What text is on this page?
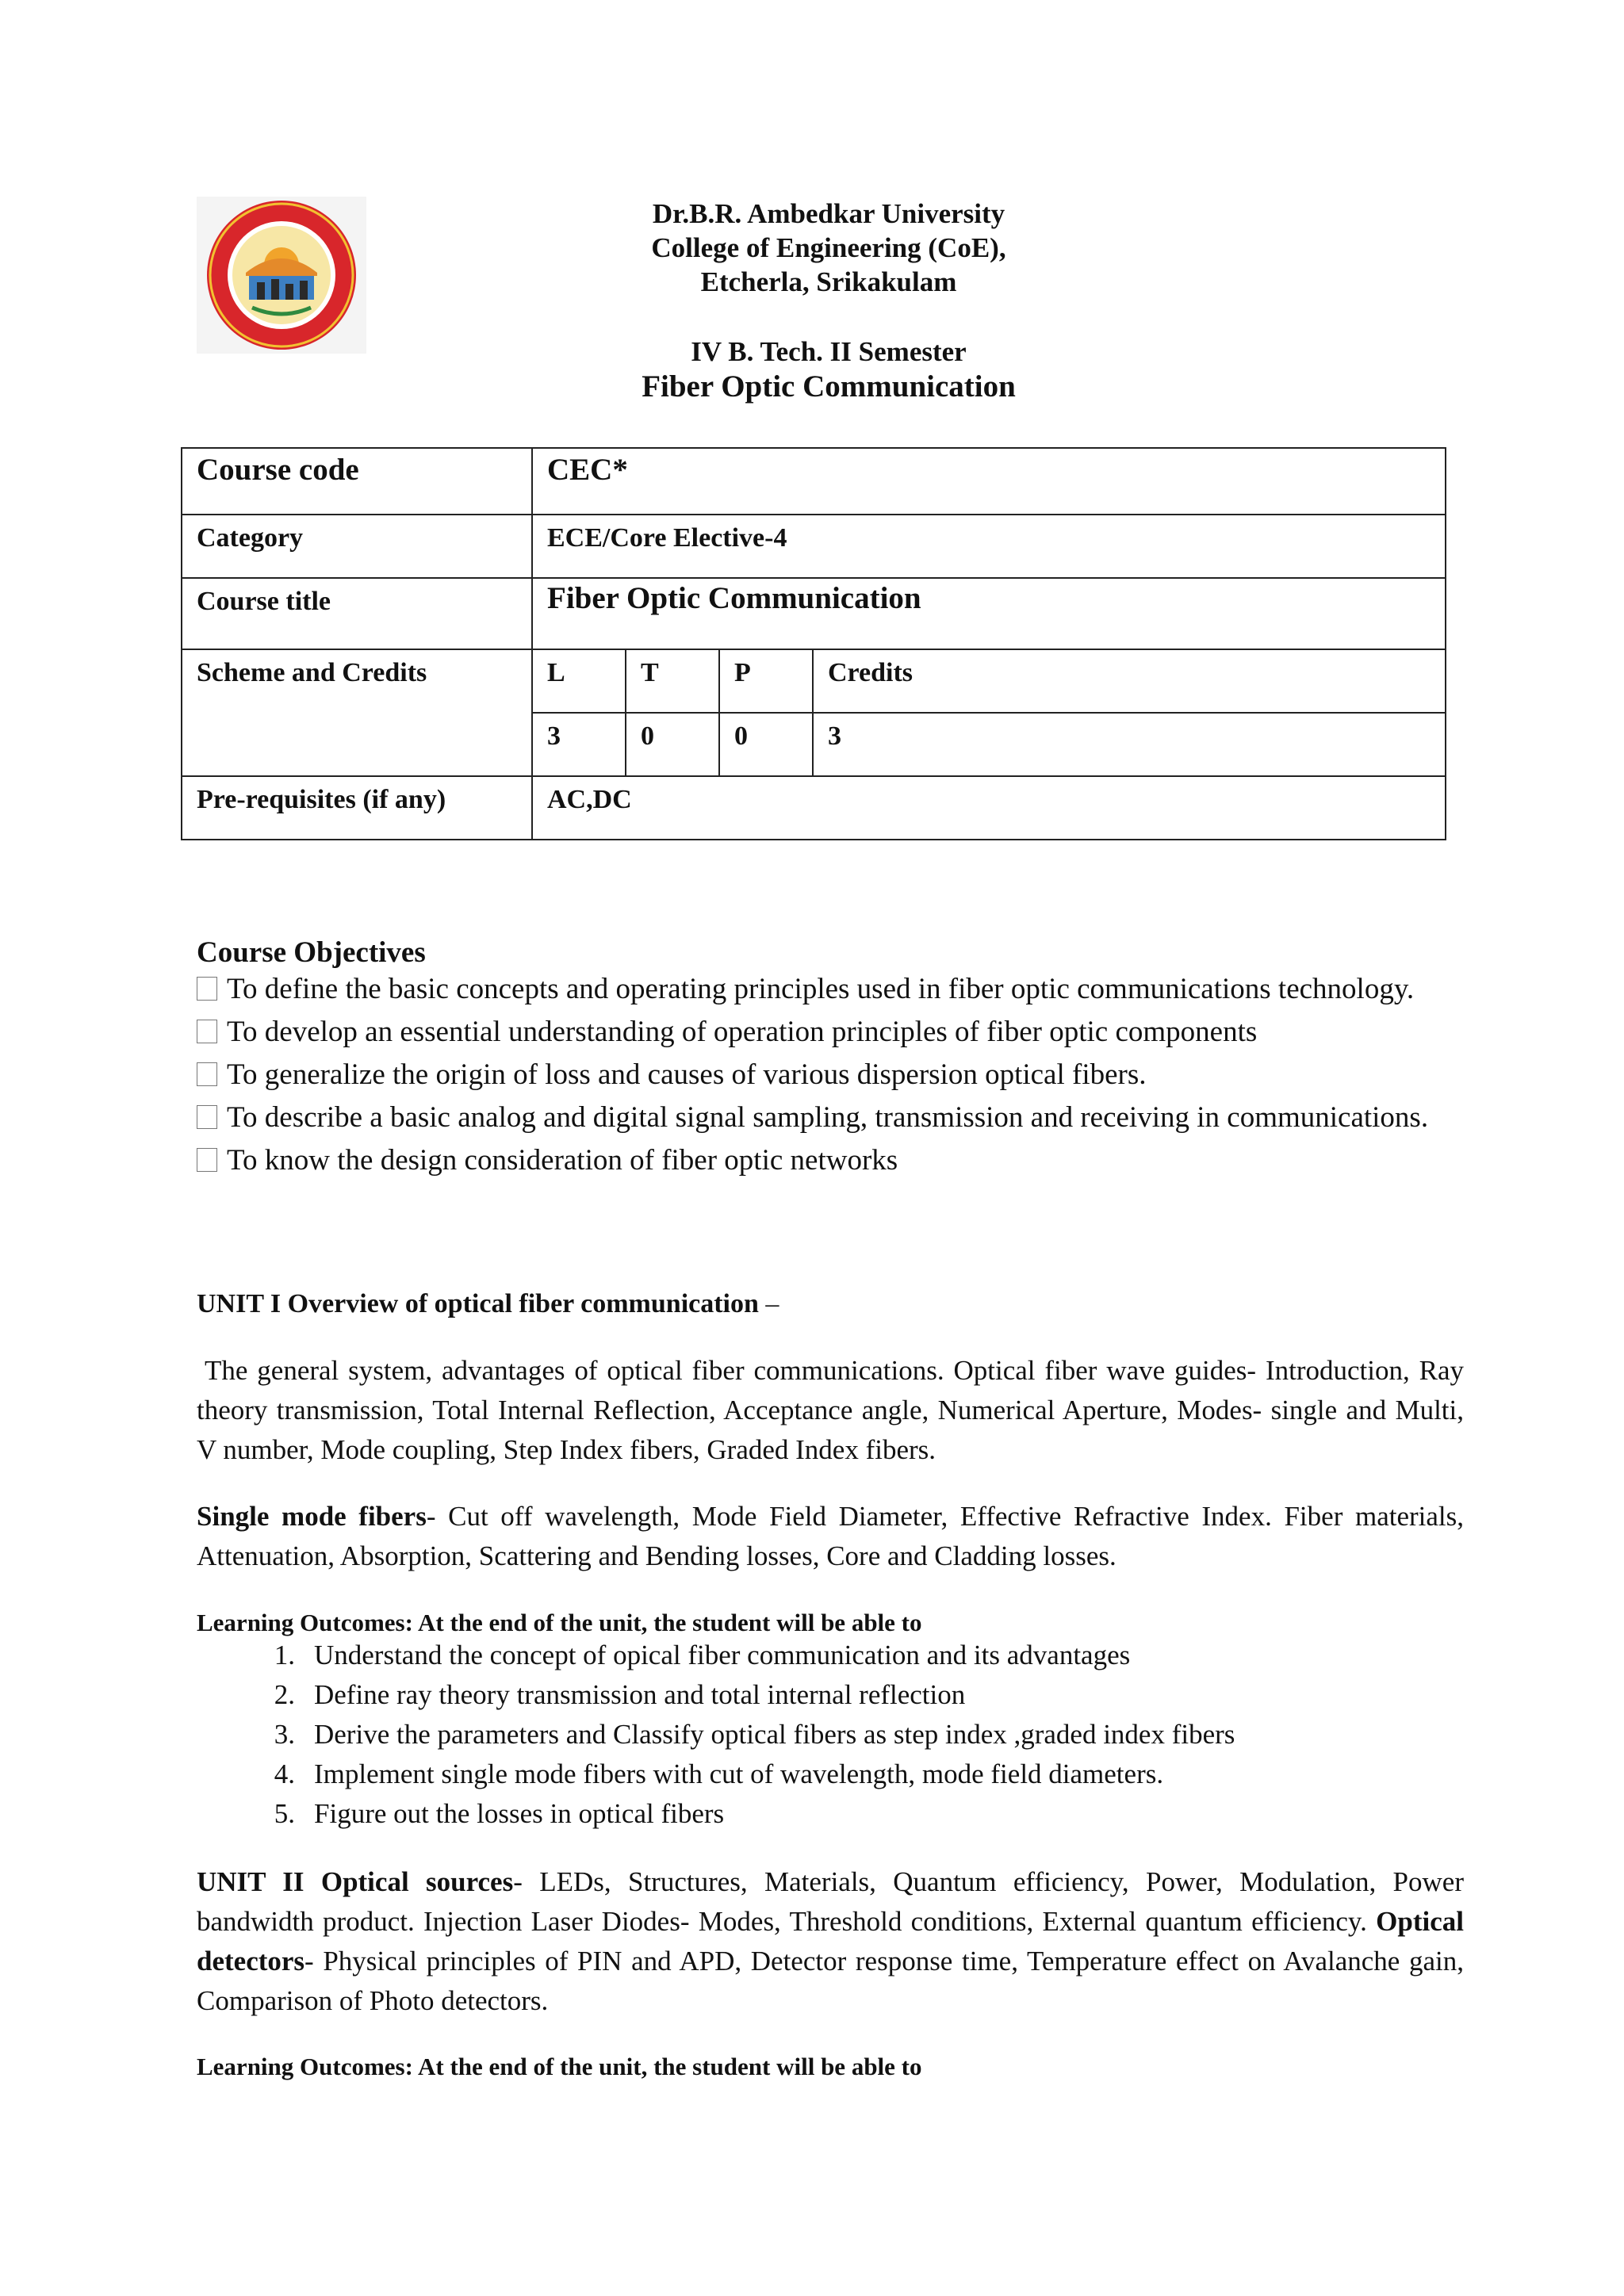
Dr.B.R. Ambedkar University
College of Engineering (CoE),
Etcherla, Srikakulam
IV B. Tech. II Semester
Fiber Optic Communication
Course code	CEC*			
Category	ECE/Core Elective-4			
Course title	Fiber Optic Communication			
Scheme and Credits	L	T	P	Credits
	3	0	0	3
Pre-requisites (if any)	AC,DC			
Course Objectives
To define the basic concepts and operating principles used in fiber optic communications technology.
To develop an essential understanding of operation principles of fiber optic components
To generalize the origin of loss and causes of various dispersion optical fibers.
To describe a basic analog and digital signal sampling, transmission and receiving in communications.
To know the design consideration of fiber optic networks
UNIT I Overview of optical fiber communication –
The general system, advantages of optical fiber communications. Optical fiber wave guides- Introduction, Ray theory transmission, Total Internal Reflection, Acceptance angle, Numerical Aperture, Modes- single and Multi, V number, Mode coupling, Step Index fibers, Graded Index fibers.
Single mode fibers- Cut off wavelength, Mode Field Diameter, Effective Refractive Index. Fiber materials, Attenuation, Absorption, Scattering and Bending losses, Core and Cladding losses.
Learning Outcomes: At the end of the unit, the student will be able to
1. Understand the concept of opical fiber communication and its advantages
2. Define ray theory transmission and total internal reflection
3. Derive the parameters and Classify optical fibers as step index ,graded index fibers
4. Implement single mode fibers with cut of wavelength, mode field diameters.
5. Figure out the losses in optical fibers
UNIT II Optical sources- LEDs, Structures, Materials, Quantum efficiency, Power, Modulation, Power bandwidth product. Injection Laser Diodes- Modes, Threshold conditions, External quantum efficiency. Optical detectors- Physical principles of PIN and APD, Detector response time, Temperature effect on Avalanche gain, Comparison of Photo detectors.
Learning Outcomes: At the end of the unit, the student will be able to
